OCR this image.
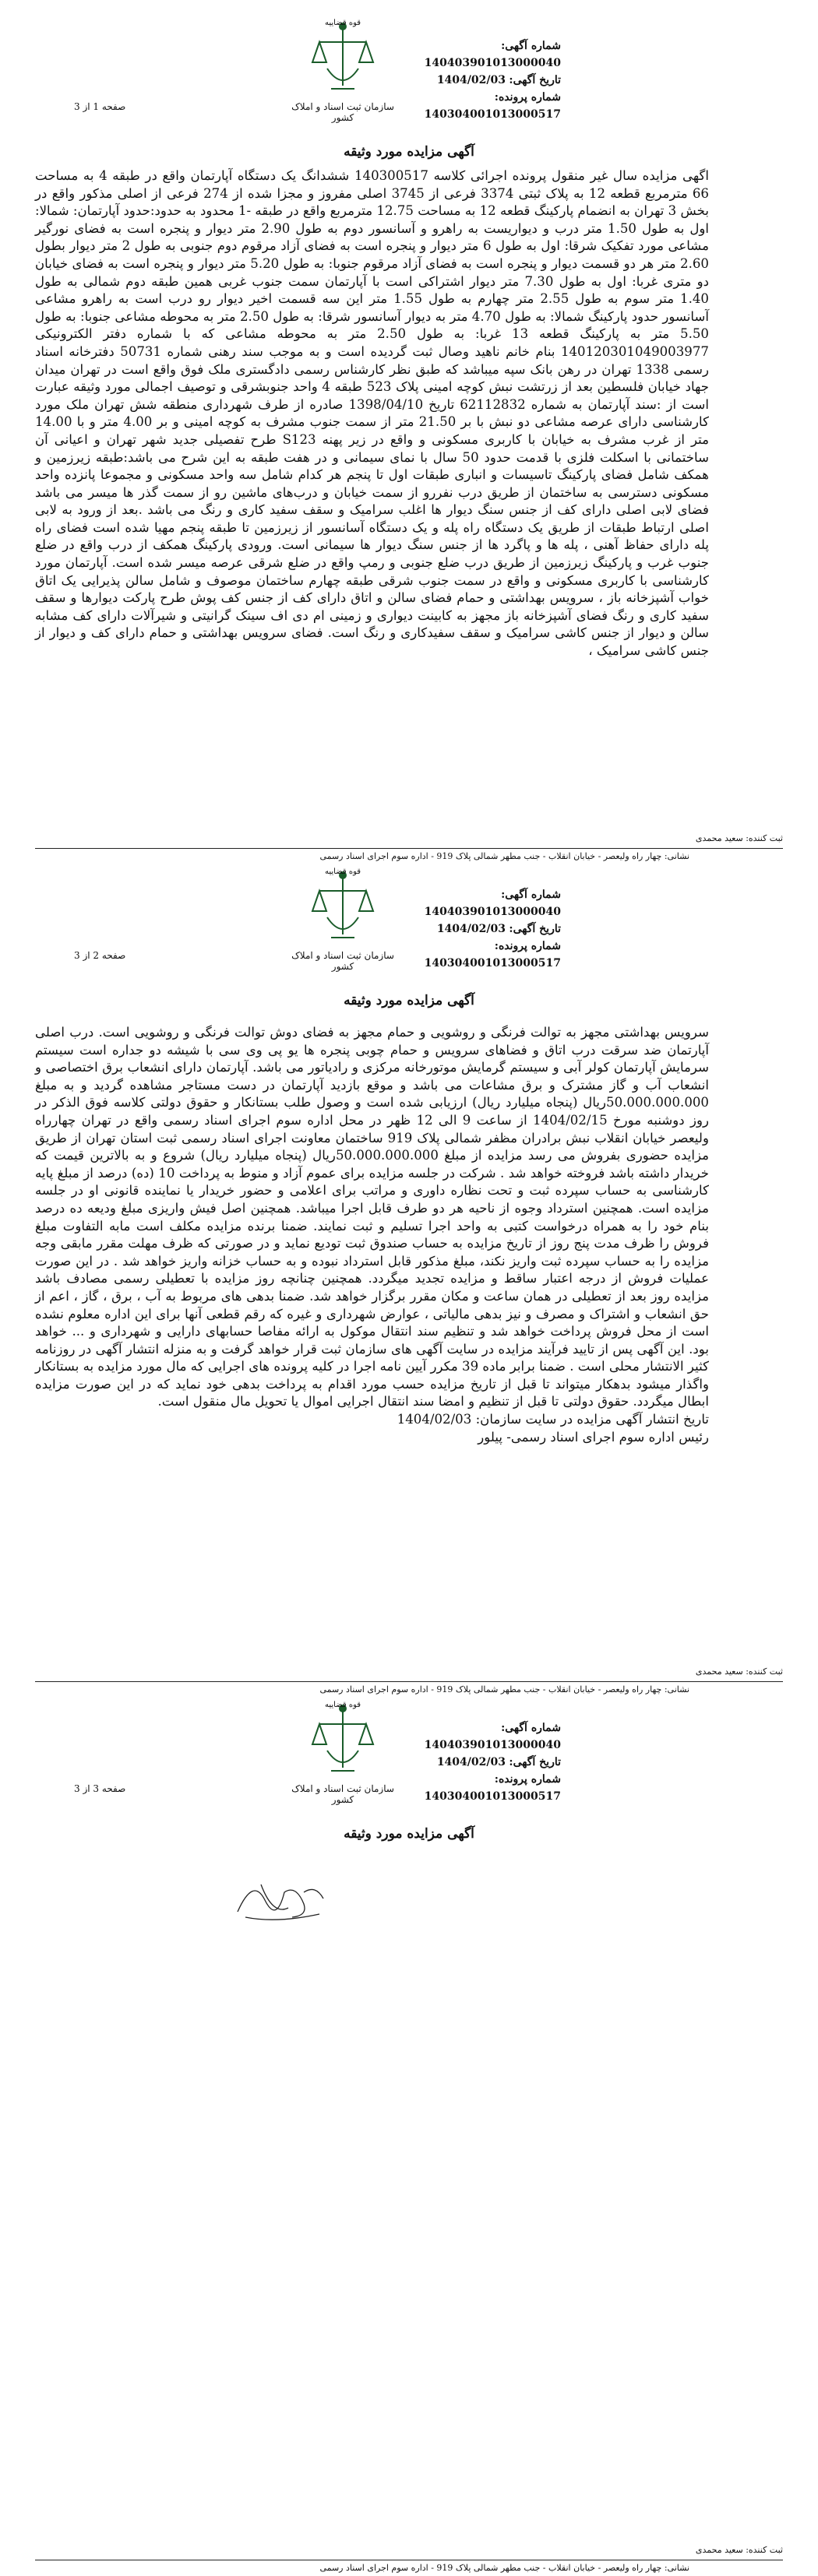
قوه قضاییه
سازمان ثبت اسناد و املاک کشور
شماره آگهی: 140403901013000040
تاریخ آگهی: 1404/02/03
شماره پرونده: 140304001013000517
صفحه 1 از 3
آگهی مزایده مورد وثیقه
اگهی مزایده سال غیر منقول پرونده اجرائی کلاسه 140300517 ششدانگ یک دستگاه آپارتمان واقع در طبقه 4 به مساحت 66 مترمربع قطعه 12 به پلاک ثبتی 3374 فرعی از 3745 اصلی مفروز و مجزا شده از 274 فرعی از اصلی مذکور واقع در بخش 3 تهران به انضمام پارکینگ قطعه 12 به مساحت 12.75 مترمربع واقع در طبقه -1 محدود به حدود:حدود آپارتمان: شمالا: اول به طول 1.50 متر درب و دیواریست به راهرو و آسانسور دوم به طول 2.90 متر دیوار و پنجره است به فضای نورگیر مشاعی مورد تفکیک شرقا: اول به طول 6 متر دیوار و پنجره است به فضای آزاد مرقوم دوم جنوبی به طول 2 متر دیوار بطول 2.60 متر هر دو قسمت دیوار و پنجره است به فضای آزاد مرقوم جنوبا: به طول 5.20 متر دیوار و پنجره است به فضای خیابان دو متری غربا: اول به طول 7.30 متر دیوار اشتراکی است با آپارتمان سمت جنوب غربی همین طبقه دوم شمالی به طول 1.40 متر سوم به طول 2.55 متر چهارم به طول 1.55 متر این سه قسمت اخیر دیوار رو درب است به راهرو مشاعی آسانسور حدود پارکینگ شمالا: به طول 4.70 متر به دیوار آسانسور شرقا: به طول 2.50 متر به محوطه مشاعی جنوبا: به طول 5.50 متر به پارکینگ قطعه 13 غربا: به طول 2.50 متر به محوطه مشاعی که با شماره دفتر الکترونیکی 140120301049003977 بنام خانم ناهید وصال ثبت گردیده است و به موجب سند رهنی شماره 50731 دفترخانه اسناد رسمی 1338 تهران در رهن بانک سپه میباشد که طبق نظر کارشناس رسمی دادگستری ملک فوق واقع است در تهران میدان جهاد خیابان فلسطین بعد از زرتشت نبش کوچه امینی پلاک 523 طبقه 4 واحد جنوبشرقی و توصیف اجمالی مورد وثیقه عبارت است از :سند آپارتمان به شماره 62112832 تاریخ 1398/04/10 صادره از طرف شهرداری منطقه شش تهران ملک مورد کارشناسی دارای عرصه مشاعی دو نبش با بر 21.50 متر از سمت جنوب مشرف به کوچه امینی و بر 4.00 متر و با 14.00 متر از غرب مشرف به خیابان با کاربری مسکونی و واقع در زیر پهنه S123 طرح تفصیلی جدید شهر تهران و اعیانی آن ساختمانی با اسکلت فلزی با قدمت حدود 50 سال با نمای سیمانی و در هفت طبقه به این شرح می باشد:طبقه زیرزمین و همکف شامل فضای پارکینگ تاسیسات و انباری طبقات اول تا پنجم هر کدام شامل سه واحد مسکونی و مجموعا پانزده واحد مسکونی دسترسی به ساختمان از طریق درب نفررو از سمت خیابان و درب‌های ماشین رو از سمت گذر ها میسر می باشد فضای لابی اصلی دارای کف از جنس سنگ دیوار ها اغلب سرامیک و سقف سفید کاری و رنگ می باشد .بعد از ورود به لابی اصلی ارتباط طبقات از طریق یک دستگاه راه پله و یک دستگاه آسانسور از زیرزمین تا طبقه پنجم مهیا شده است فضای راه پله دارای حفاظ آهنی ، پله ها و پاگرد ها از جنس سنگ دیوار ها سیمانی است. ورودی پارکینگ همکف از درب واقع در ضلع جنوب غرب و پارکینگ زیرزمین از طریق درب ضلع جنوبی و رمپ واقع در ضلع شرقی عرصه میسر شده است. آپارتمان مورد کارشناسی با کاربری مسکونی و واقع در سمت جنوب شرقی طبقه چهارم ساختمان موصوف و شامل سالن پذیرایی یک اتاق خواب آشپزخانه باز ، سرویس بهداشتی و حمام فضای سالن و اتاق دارای کف از جنس کف پوش طرح پارکت دیوارها و سقف سفید کاری و رنگ فضای آشپزخانه باز مجهز به کابینت دیواری و زمینی ام دی اف سینک گرانیتی و شیرآلات دارای کف مشابه سالن و دیوار از جنس کاشی سرامیک و سقف سفیدکاری و رنگ است. فضای سرویس بهداشتی و حمام دارای کف و دیوار از جنس کاشی سرامیک ،
ثبت کننده: سعید محمدی
نشانی: چهار راه ولیعصر - خیابان انقلاب - جنب مطهر شمالی پلاک 919 - اداره سوم اجرای اسناد رسمی
قوه قضاییه
سازمان ثبت اسناد و املاک کشور
شماره آگهی: 140403901013000040
تاریخ آگهی: 1404/02/03
شماره پرونده: 140304001013000517
صفحه 2 از 3
آگهی مزایده مورد وثیقه
سرویس بهداشتی مجهز به توالت فرنگی و روشویی و حمام مجهز به فضای دوش توالت فرنگی و روشویی است. درب اصلی آپارتمان ضد سرقت درب اتاق و فضاهای سرویس و حمام چوبی پنجره ها یو پی وی سی با شیشه دو جداره است سیستم سرمایش آپارتمان کولر آبی و سیستم گرمایش موتورخانه مرکزی و رادیاتور می باشد. آپارتمان دارای انشعاب برق اختصاصی و انشعاب آب و گاز مشترک و برق مشاعات می باشد و موقع بازدید آپارتمان در دست مستاجر مشاهده گردید و به مبلغ 50.000.000.000ریال (پنجاه میلیارد ریال) ارزیابی شده است و وصول طلب بستانکار و حقوق دولتی کلاسه فوق الذکر در روز دوشنبه مورخ 1404/02/15 از ساعت 9 الی 12 ظهر در محل اداره سوم اجرای اسناد رسمی واقع در تهران چهارراه ولیعصر خیابان انقلاب نبش برادران مظفر شمالی پلاک 919 ساختمان معاونت اجرای اسناد رسمی ثبت استان تهران از طریق مزایده حضوری بفروش می رسد مزایده از مبلغ 50.000.000.000ریال (پنجاه میلیارد ریال) شروع و به بالاترین قیمت که خریدار داشته باشد فروخته خواهد شد . شرکت در جلسه مزایده برای عموم آزاد و منوط به پرداخت 10 (ده) درصد از مبلغ پایه کارشناسی به حساب سپرده ثبت و تحت نظاره داوری و مراتب برای اعلامی و حضور خریدار یا نماینده قانونی او در جلسه مزایده است. همچنین استرداد وجوه از ناحیه هر دو طرف قابل اجرا میباشد. همچنین اصل فیش واریزی مبلغ ودیعه ده درصد بنام خود را به همراه درخواست کتبی به واحد اجرا تسلیم و ثبت نمایند. ضمنا برنده مزایده مکلف است مابه التفاوت مبلغ فروش را ظرف مدت پنج روز از تاریخ مزایده به حساب صندوق ثبت تودیع نماید و در صورتی که ظرف مهلت مقرر مابقی وجه مزایده را به حساب سپرده ثبت واریز نکند، مبلغ مذکور قابل استرداد نبوده و به حساب خزانه واریز خواهد شد . در این صورت عملیات فروش از درجه اعتبار ساقط و مزایده تجدید میگردد. همچنین چنانچه روز مزایده با تعطیلی رسمی مصادف باشد مزایده روز بعد از تعطیلی در همان ساعت و مکان مقرر برگزار خواهد شد. ضمنا بدهی های مربوط به آب ، برق ، گاز ، اعم از حق انشعاب و اشتراک و مصرف و نیز بدهی مالیاتی ، عوارض شهرداری و غیره که رقم قطعی آنها برای این اداره معلوم نشده است از محل فروش پرداخت خواهد شد و تنظیم سند انتقال موکول به ارائه مفاصا حسابهای دارایی و شهرداری و ... خواهد بود. این آگهی پس از تایید فرآیند مزایده در سایت آگهی های سازمان ثبت قرار خواهد گرفت و به منزله انتشار آگهی در روزنامه کثیر الانتشار محلی است . ضمنا برابر ماده 39 مکرر آیین نامه اجرا در کلیه پرونده های اجرایی که مال مورد مزایده به بستانکار واگذار میشود بدهکار میتواند تا قبل از تاریخ مزایده حسب مورد اقدام به پرداخت بدهی خود نماید که در این صورت مزایده ابطال میگردد. حقوق دولتی تا قبل از تنظیم و امضا سند انتقال اجرایی اموال یا تحویل مال منقول است.
تاریخ انتشار آگهی مزایده در سایت سازمان: 1404/02/03
رئیس اداره سوم اجرای اسناد رسمی- پیلور
ثبت کننده: سعید محمدی
نشانی: چهار راه ولیعصر - خیابان انقلاب - جنب مطهر شمالی پلاک 919 - اداره سوم اجرای اسناد رسمی
قوه قضاییه
سازمان ثبت اسناد و املاک کشور
شماره آگهی: 140403901013000040
تاریخ آگهی: 1404/02/03
شماره پرونده: 140304001013000517
صفحه 3 از 3
آگهی مزایده مورد وثیقه
ثبت کننده: سعید محمدی
نشانی: چهار راه ولیعصر - خیابان انقلاب - جنب مطهر شمالی پلاک 919 - اداره سوم اجرای اسناد رسمی
